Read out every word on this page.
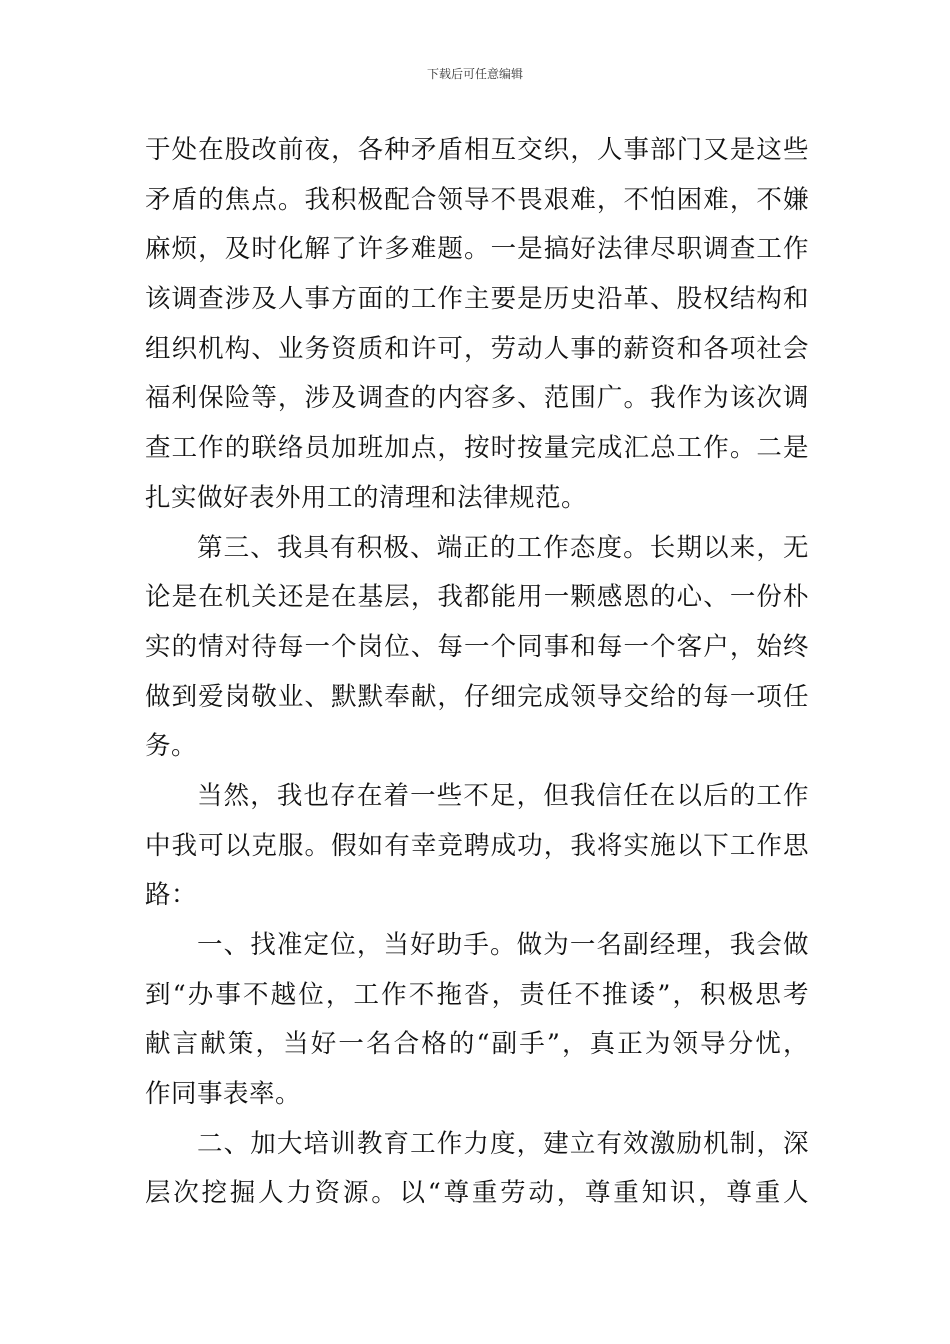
下载后可任意编辑
于处在股改前夜，各种矛盾相互交织，人事部门又是这些
矛盾的焦点。我积极配合领导不畏艰难，不怕困难，不嫌
麻烦，及时化解了许多难题。一是搞好法律尽职调查工作
该调查涉及人事方面的工作主要是历史沿革、股权结构和
组织机构、业务资质和许可，劳动人事的薪资和各项社会
福利保险等，涉及调查的内容多、范围广。我作为该次调
查工作的联络员加班加点，按时按量完成汇总工作。二是
扎实做好表外用工的清理和法律规范。
第三、我具有积极、端正的工作态度。长期以来，无
论是在机关还是在基层，我都能用一颗感恩的心、一份朴
实的情对待每一个岗位、每一个同事和每一个客户，始终
做到爱岗敬业、默默奉献，仔细完成领导交给的每一项任
务。
当然，我也存在着一些不足，但我信任在以后的工作
中我可以克服。假如有幸竞聘成功，我将实施以下工作思
路：
一、找准定位，当好助手。做为一名副经理，我会做
到“办事不越位，工作不拖沓，责任不推诿”，积极思考
献言献策，当好一名合格的“副手”，真正为领导分忧，
作同事表率。
二、加大培训教育工作力度，建立有效激励机制，深
层次挖掘人力资源。以“尊重劳动，尊重知识，尊重人
